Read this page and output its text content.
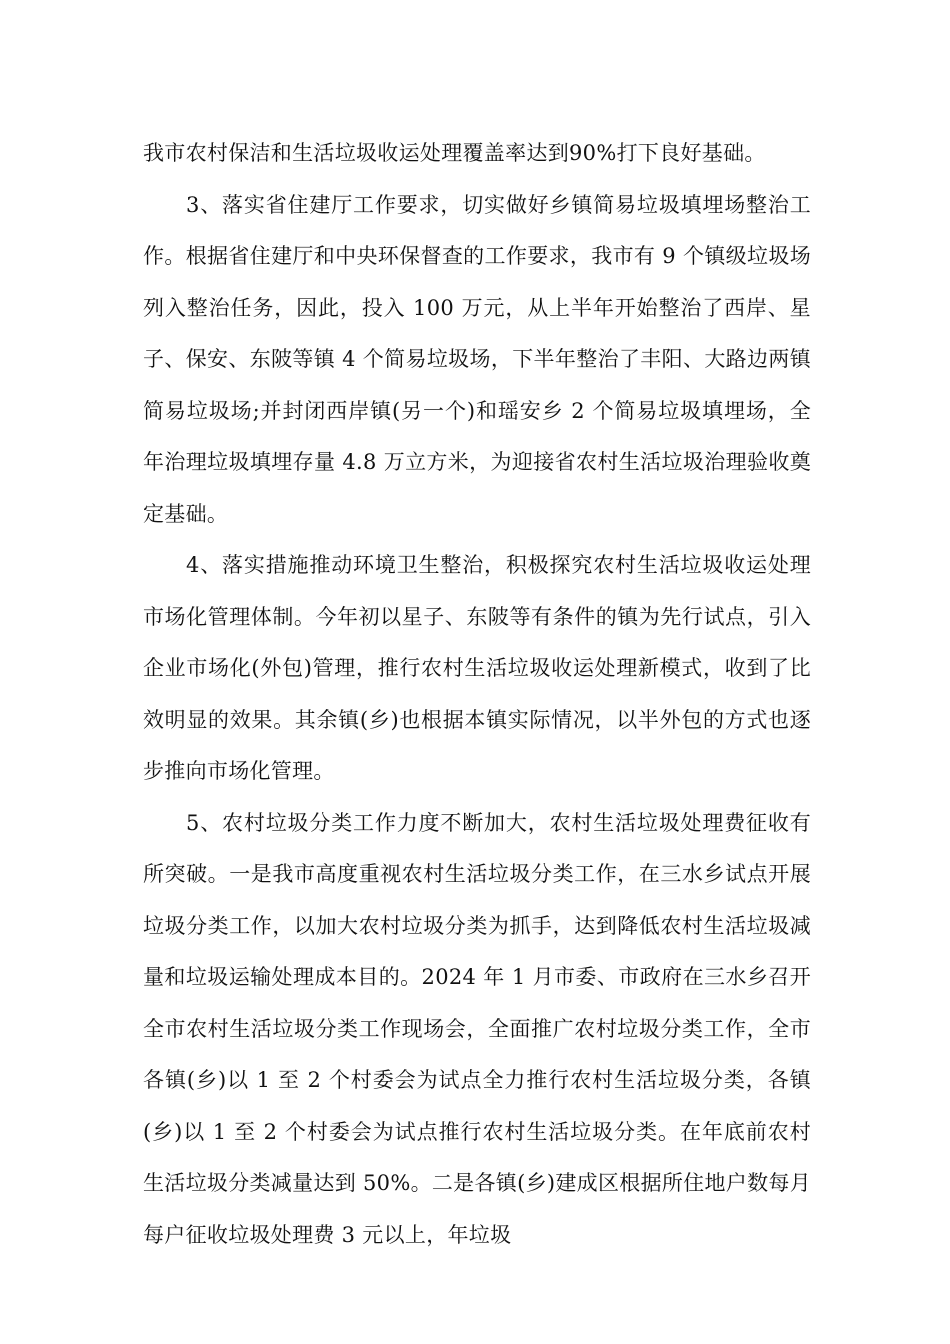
我市农村保洁和生活垃圾收运处理覆盖率达到90%打下良好基础。

3、落实省住建厅工作要求，切实做好乡镇简易垃圾填埋场整治工作。根据省住建厅和中央环保督查的工作要求，我市有 9 个镇级垃圾场列入整治任务，因此，投入 100 万元，从上半年开始整治了西岸、星子、保安、东陂等镇 4 个简易垃圾场，下半年整治了丰阳、大路边两镇简易垃圾场;并封闭西岸镇(另一个)和瑶安乡 2 个简易垃圾填埋场，全年治理垃圾填埋存量 4.8 万立方米，为迎接省农村生活垃圾治理验收奠定基础。

4、落实措施推动环境卫生整治，积极探究农村生活垃圾收运处理市场化管理体制。今年初以星子、东陂等有条件的镇为先行试点，引入企业市场化(外包)管理，推行农村生活垃圾收运处理新模式，收到了比效明显的效果。其余镇(乡)也根据本镇实际情况，以半外包的方式也逐步推向市场化管理。

5、农村垃圾分类工作力度不断加大，农村生活垃圾处理费征收有所突破。一是我市高度重视农村生活垃圾分类工作，在三水乡试点开展垃圾分类工作，以加大农村垃圾分类为抓手，达到降低农村生活垃圾减量和垃圾运输处理成本目的。2024 年 1 月市委、市政府在三水乡召开全市农村生活垃圾分类工作现场会，全面推广农村垃圾分类工作，全市各镇(乡)以 1 至 2 个村委会为试点全力推行农村生活垃圾分类，各镇(乡)以 1 至 2 个村委会为试点推行农村生活垃圾分类。在年底前农村生活垃圾分类减量达到 50%。二是各镇(乡)建成区根据所住地户数每月每户征收垃圾处理费 3 元以上，年垃圾
